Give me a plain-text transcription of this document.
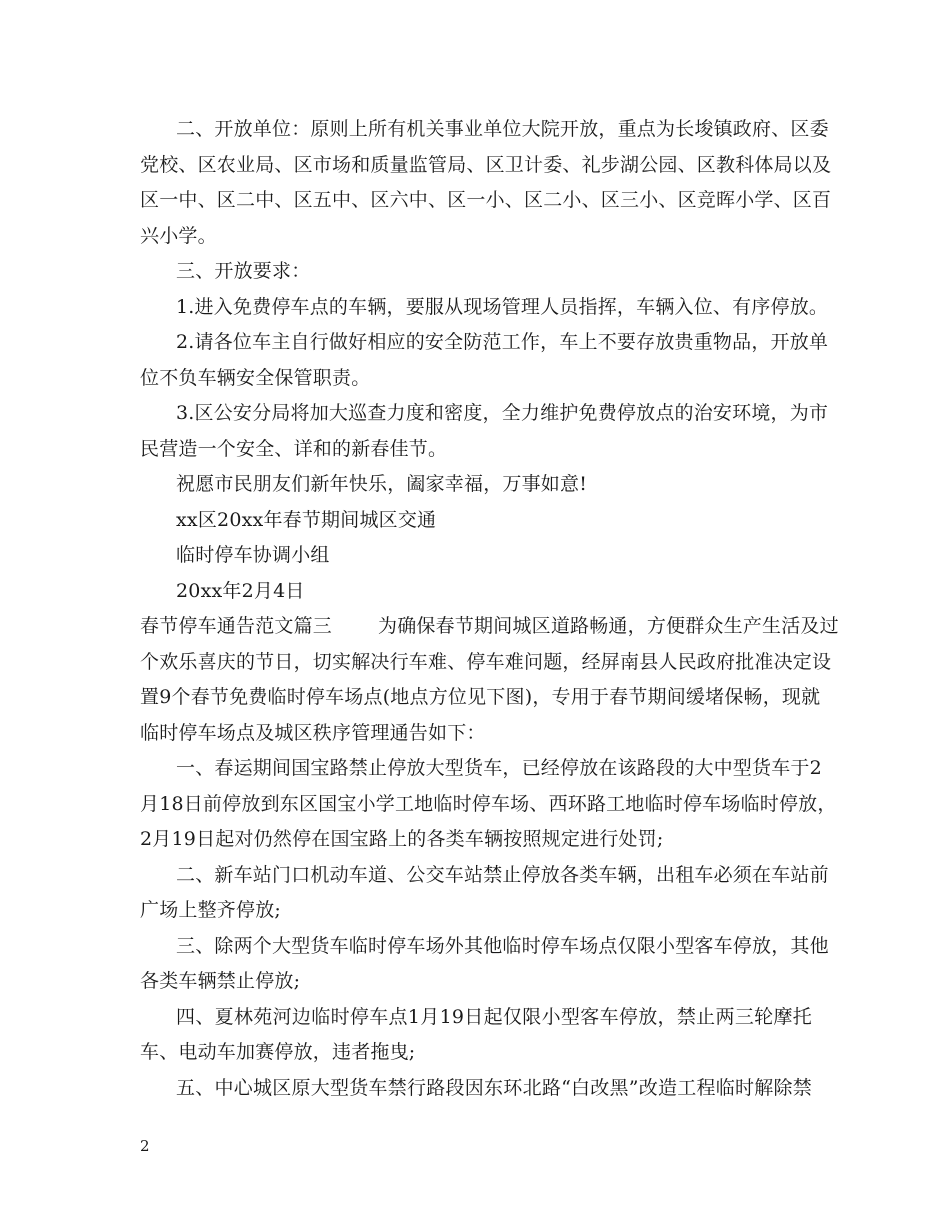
二、开放单位：原则上所有机关事业单位大院开放，重点为长埈镇政府、区委
党校、区农业局、区市场和质量监管局、区卫计委、礼步湖公园、区教科体局以及
区一中、区二中、区五中、区六中、区一小、区二小、区三小、区竞晖小学、区百
兴小学。
三、开放要求：
1.进入免费停车点的车辆，要服从现场管理人员指挥，车辆入位、有序停放。
2.请各位车主自行做好相应的安全防范工作，车上不要存放贵重物品，开放单
位不负车辆安全保管职责。
3.区公安分局将加大巡查力度和密度，全力维护免费停放点的治安环境，为市
民营造一个安全、详和的新春佳节。
祝愿市民朋友们新年快乐，阖家幸福，万事如意!
xx区20xx年春节期间城区交通
临时停车协调小组
20xx年2月4日
春节停车通告范文篇三 为确保春节期间城区道路畅通，方便群众生产生活及过
个欢乐喜庆的节日，切实解决行车难、停车难问题，经屏南县人民政府批准决定设
置9个春节免费临时停车场点(地点方位见下图)，专用于春节期间缓堵保畅，现就
临时停车场点及城区秩序管理通告如下：
一、春运期间国宝路禁止停放大型货车，已经停放在该路段的大中型货车于2
月18日前停放到东区国宝小学工地临时停车场、西环路工地临时停车场临时停放，
2月19日起对仍然停在国宝路上的各类车辆按照规定进行处罚;
二、新车站门口机动车道、公交车站禁止停放各类车辆，出租车必须在车站前
广场上整齐停放;
三、除两个大型货车临时停车场外其他临时停车场点仅限小型客车停放，其他
各类车辆禁止停放;
四、夏林苑河边临时停车点1月19日起仅限小型客车停放，禁止两三轮摩托
车、电动车加赛停放，违者拖曳;
五、中心城区原大型货车禁行路段因东环北路“白改黑”改造工程临时解除禁
2
